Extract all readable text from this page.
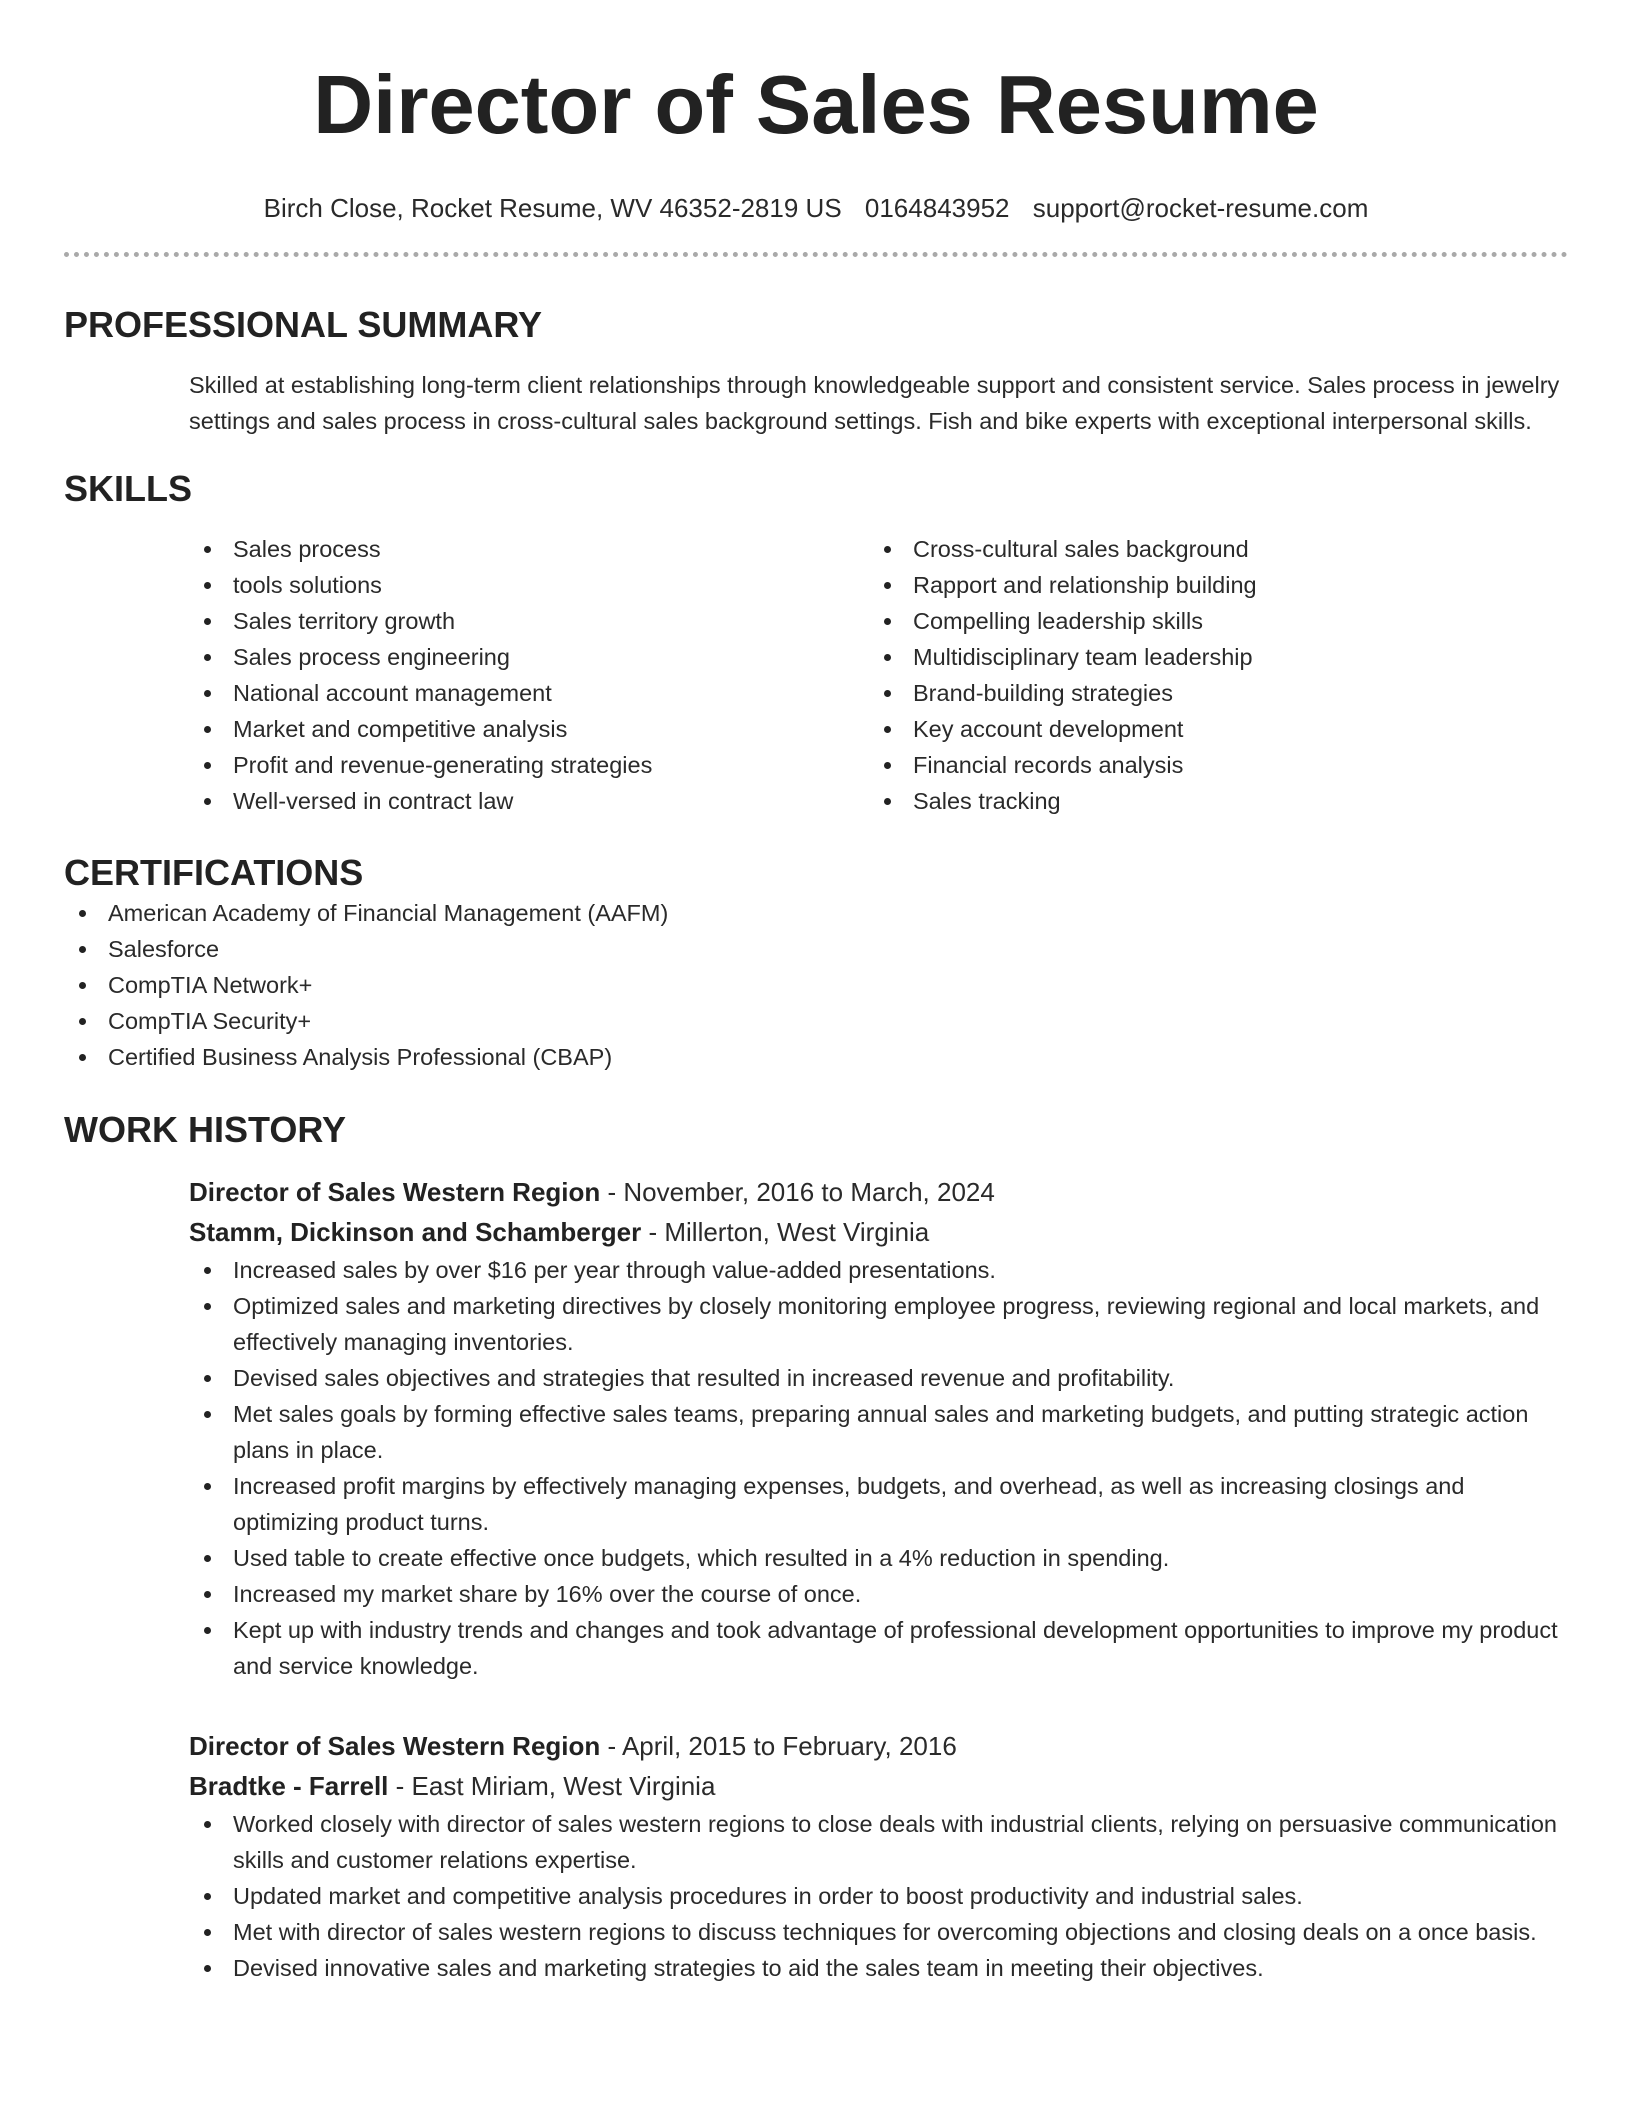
Director of Sales Resume
Birch Close, Rocket Resume, WV 46352-2819 US 0164843952 support@rocket-resume.com
PROFESSIONAL SUMMARY

Skilled at establishing long-term client relationships through knowledgeable support and consistent service. Sales process in jewelry settings and sales process in cross-cultural sales background settings. Fish and bike experts with exceptional interpersonal skills.

SKILLS
Sales process
tools solutions
Sales territory growth
Sales process engineering
National account management
Market and competitive analysis
Profit and revenue-generating strategies
Well-versed in contract law
Cross-cultural sales background
Rapport and relationship building
Compelling leadership skills
Multidisciplinary team leadership
Brand-building strategies
Key account development
Financial records analysis
Sales tracking
CERTIFICATIONS
American Academy of Financial Management (AAFM)
Salesforce
CompTIA Network+
CompTIA Security+
Certified Business Analysis Professional (CBAP)
WORK HISTORY
Director of Sales Western Region - November, 2016 to March, 2024
Stamm, Dickinson and Schamberger - Millerton, West Virginia
Increased sales by over $16 per year through value-added presentations.
Optimized sales and marketing directives by closely monitoring employee progress, reviewing regional and local markets, and effectively managing inventories.
Devised sales objectives and strategies that resulted in increased revenue and profitability.
Met sales goals by forming effective sales teams, preparing annual sales and marketing budgets, and putting strategic action plans in place.
Increased profit margins by effectively managing expenses, budgets, and overhead, as well as increasing closings and optimizing product turns.
Used table to create effective once budgets, which resulted in a 4% reduction in spending.
Increased my market share by 16% over the course of once.
Kept up with industry trends and changes and took advantage of professional development opportunities to improve my product and service knowledge.
Director of Sales Western Region - April, 2015 to February, 2016
Bradtke - Farrell - East Miriam, West Virginia
Worked closely with director of sales western regions to close deals with industrial clients, relying on persuasive communication skills and customer relations expertise.
Updated market and competitive analysis procedures in order to boost productivity and industrial sales.
Met with director of sales western regions to discuss techniques for overcoming objections and closing deals on a once basis.
Devised innovative sales and marketing strategies to aid the sales team in meeting their objectives.
